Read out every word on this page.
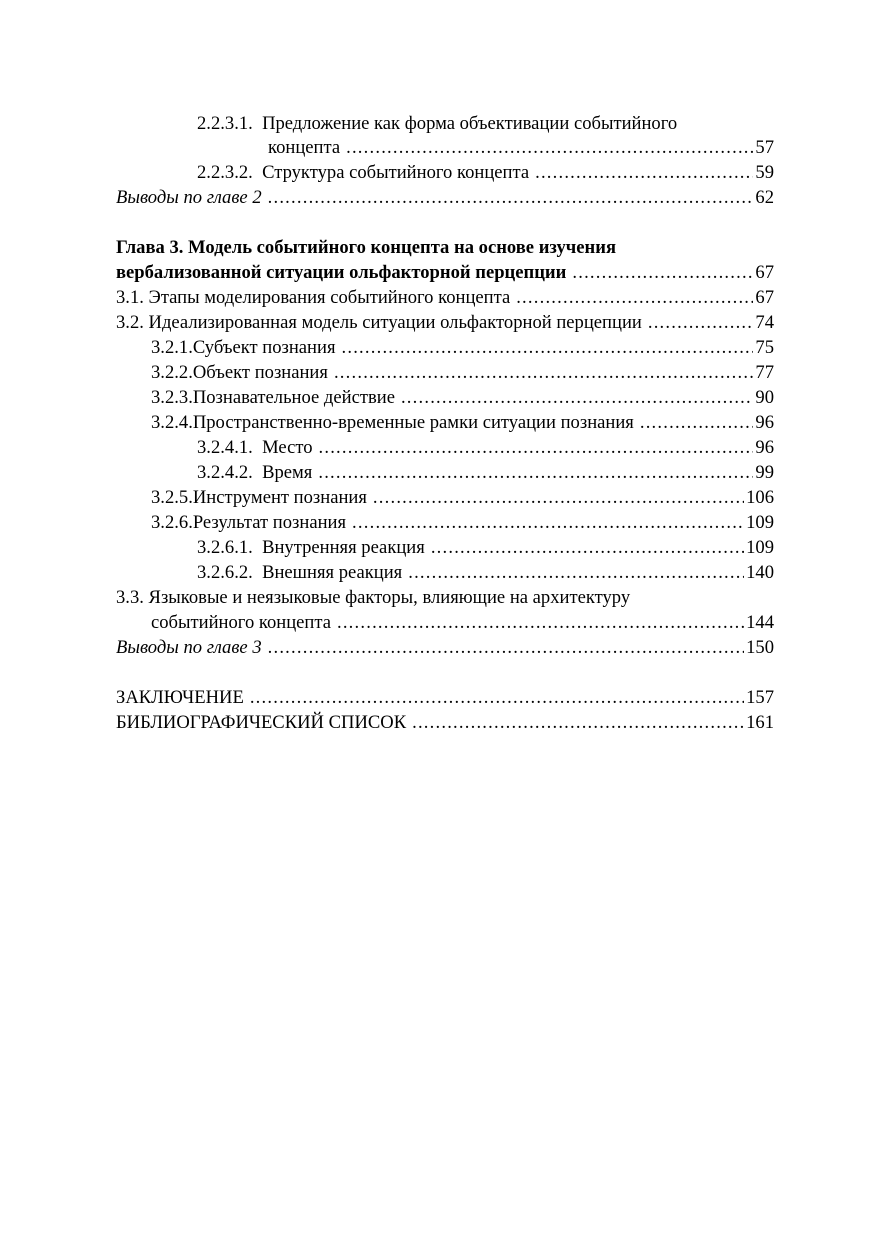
2.2.3.1. Предложение как форма объективации событийного
концепта .....	57
2.2.3.2. Структура событийного концепта .....	59
Выводы по главе 2 .....	62
Глава 3. Модель событийного концепта на основе изучения
вербализованной ситуации ольфакторной перцепции .....	67
3.1. Этапы моделирования событийного концепта .....	67
3.2. Идеализированная модель ситуации ольфакторной перцепции .....	74
3.2.1.Субъект познания .....	75
3.2.2.Объект познания .....	77
3.2.3.Познавательное действие .....	90
3.2.4.Пространственно-временные рамки ситуации познания .....	96
3.2.4.1. Место .....	96
3.2.4.2. Время .....	99
3.2.5.Инструмент познания .....	106
3.2.6.Результат познания .....	109
3.2.6.1. Внутренняя реакция .....	109
3.2.6.2. Внешняя реакция .....	140
3.3. Языковые и неязыковые факторы, влияющие на архитектуру
событийного концепта .....	144
Выводы по главе 3 .....	150
ЗАКЛЮЧЕНИЕ .....	157
БИБЛИОГРАФИЧЕСКИЙ СПИСОК .....	161
